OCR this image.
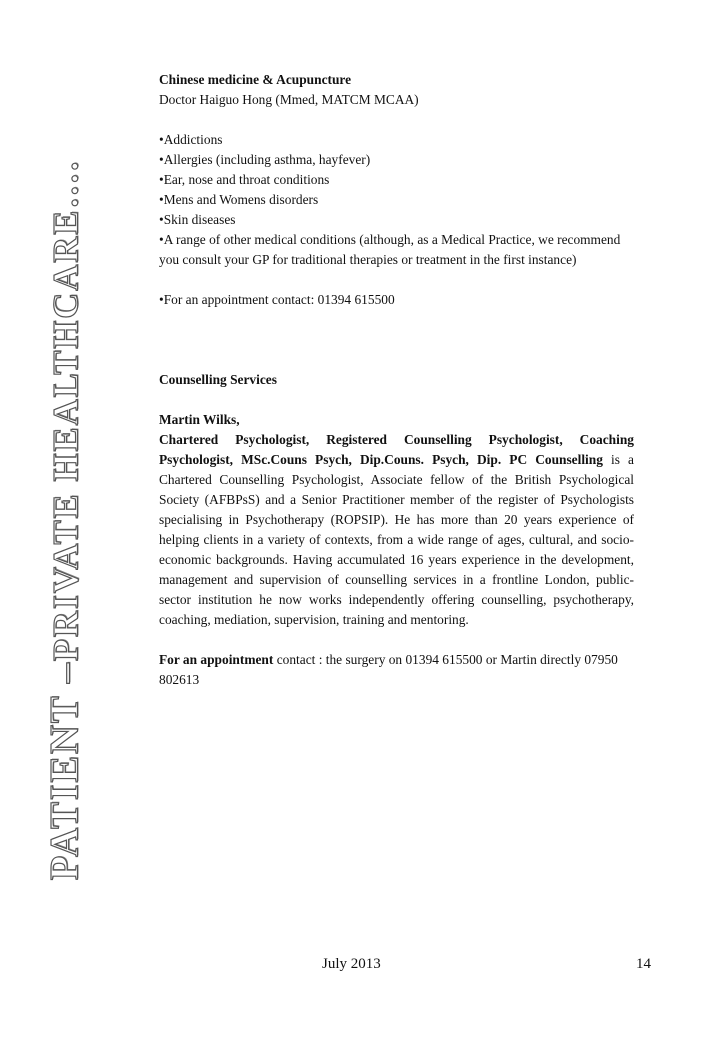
PATIENT –PRIVATE HEALTHCARE….

Chinese medicine & Acupuncture

Doctor Haiguo Hong (Mmed, MATCM MCAA)

• Addictions
• Allergies (including asthma, hayfever)
• Ear, nose and throat conditions
• Mens and Womens disorders
• Skin diseases
• A range of other medical conditions (although, as a Medical Practice, we recommend you consult your GP for traditional therapies or treatment in the first instance)
• For an appointment contact: 01394 615500

Counselling Services

Martin Wilks,

Chartered Psychologist, Registered Counselling Psychologist, Coaching Psychologist, MSc.Couns Psych, Dip.Couns. Psych, Dip. PC Counselling is a Chartered Counselling Psychologist, Associate fellow of the British Psychological Society (AFBPsS) and a Senior Practitioner member of the register of Psychologists specialising in Psychotherapy (ROPSIP). He has more than 20 years experience of helping clients in a variety of contexts, from a wide range of ages, cultural, and socio-economic backgrounds. Having accumulated 16 years experience in the development, management and supervision of counselling services in a frontline London, public-sector institution he now works independently offering counselling, psychotherapy, coaching, mediation, supervision, training and mentoring.

For an appointment contact : the surgery on 01394 615500 or Martin directly 07950 802613

July 2013	14
